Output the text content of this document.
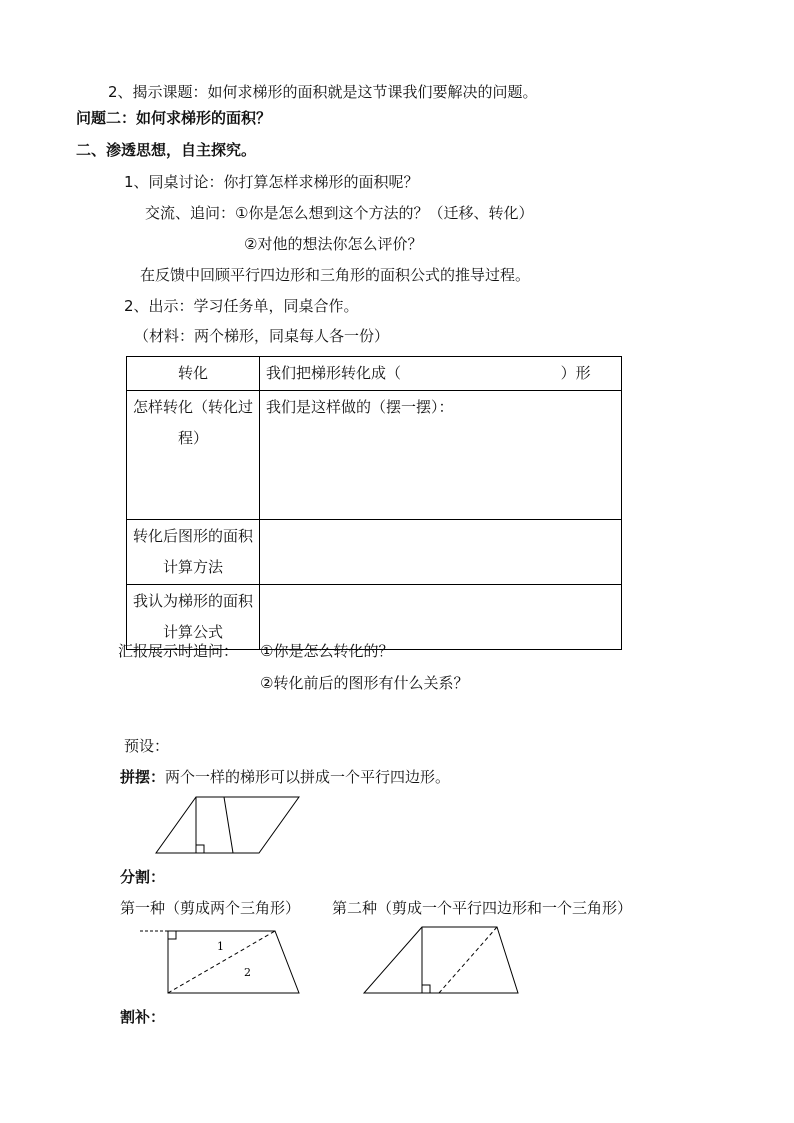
2、揭示课题：如何求梯形的面积就是这节课我们要解决的问题。
问题二：如何求梯形的面积？
二、渗透思想，自主探究。
1、同桌讨论：你打算怎样求梯形的面积呢？
交流、追问：①你是怎么想到这个方法的？（迁移、转化）
②对他的想法你怎么评价？
在反馈中回顾平行四边形和三角形的面积公式的推导过程。
2、出示：学习任务单，同桌合作。
（材料：两个梯形，同桌每人各一份）
转化	我们把梯形转化成（ ）形
怎样转化（转化过程）	我们是这样做的（摆一摆）：
转化后图形的面积计算方法	
我认为梯形的面积计算公式	
汇报展示时追问： ①你是怎么转化的？
②转化前后的图形有什么关系？
预设：
拼摆：两个一样的梯形可以拼成一个平行四边形。
1
2
分割：
第一种（剪成两个三角形） 第二种（剪成一个平行四边形和一个三角形）
割补：
